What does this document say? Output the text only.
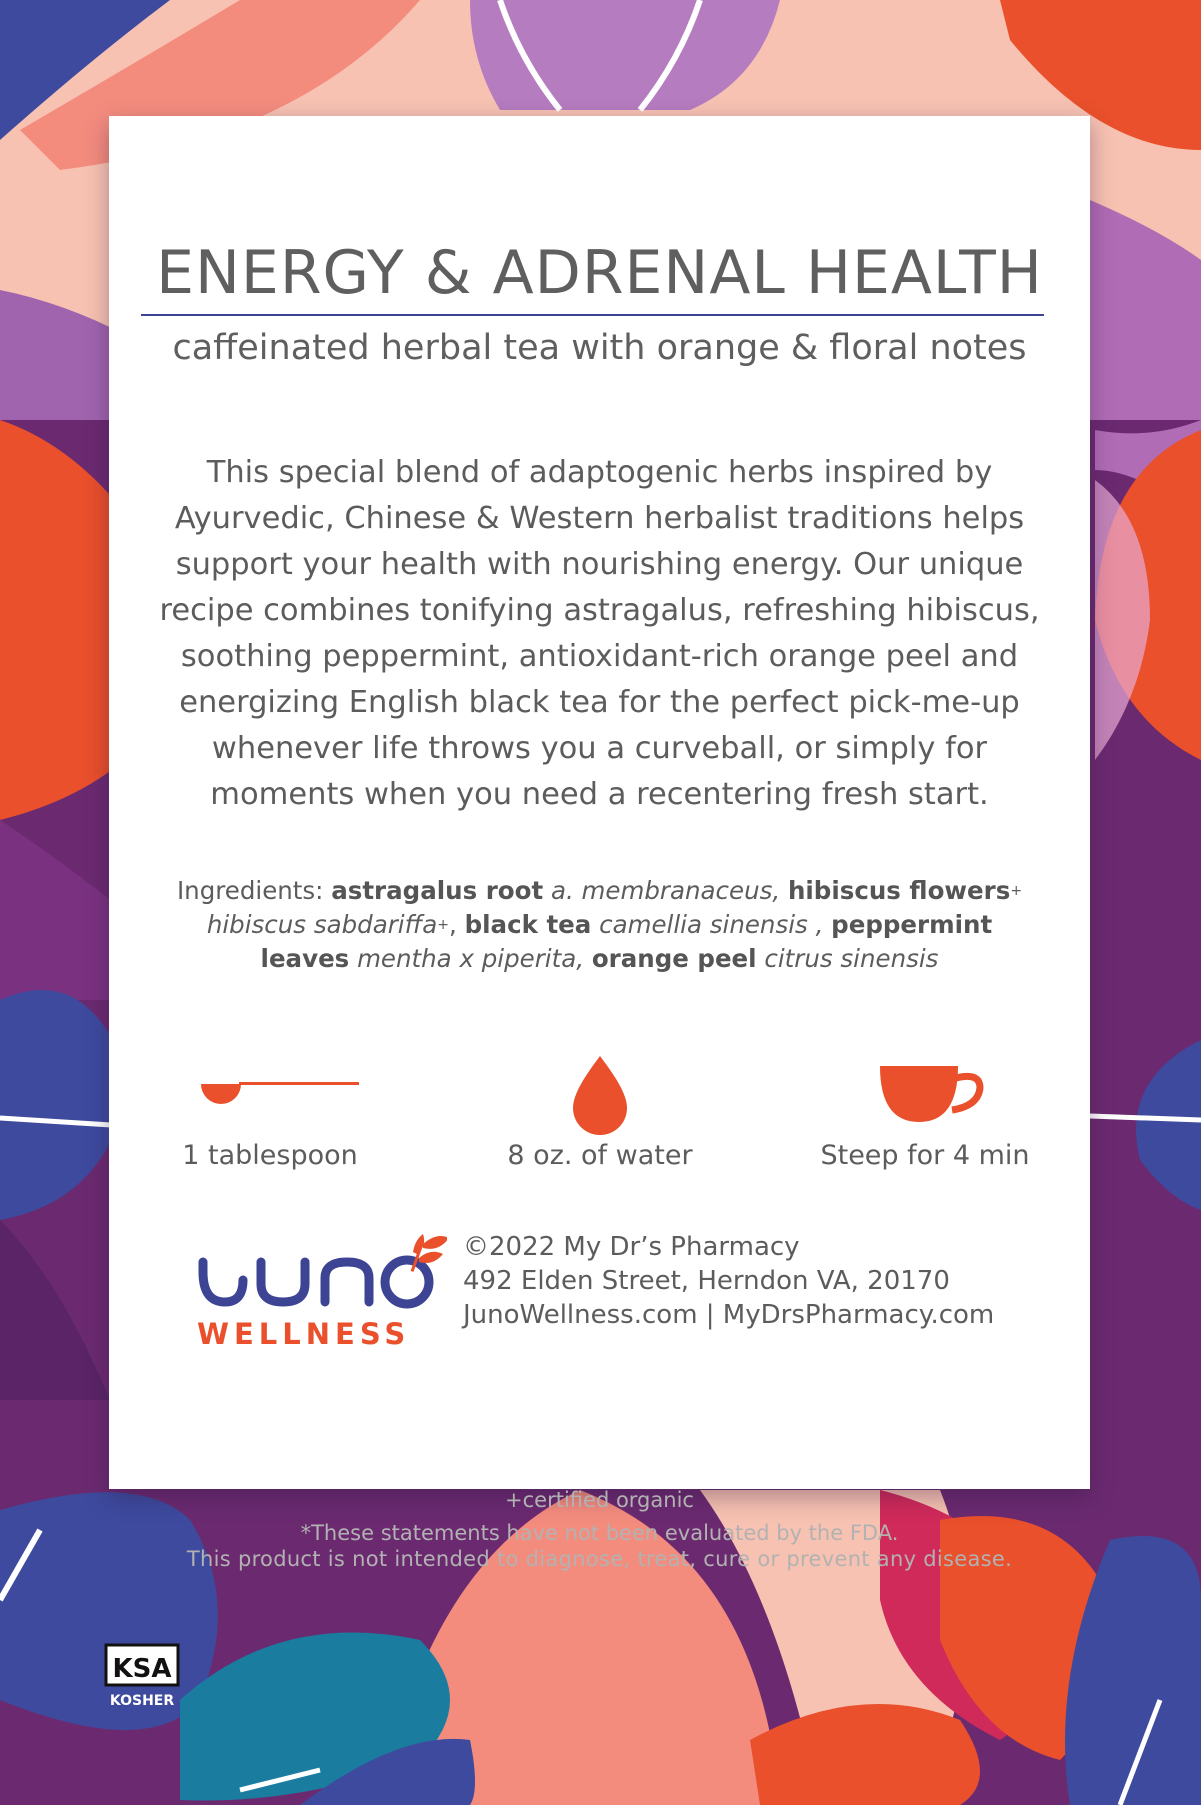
ENERGY & ADRENAL HEALTH
caffeinated herbal tea with orange & floral notes
This special blend of adaptogenic herbs inspired by Ayurvedic, Chinese & Western herbalist traditions helps support your health with nourishing energy. Our unique recipe combines tonifying astragalus, refreshing hibiscus, soothing peppermint, antioxidant-rich orange peel and energizing English black tea for the perfect pick-me-up whenever life throws you a curveball, or simply for moments when you need a recentering fresh start.
Ingredients: astragalus root a. membranaceus, hibiscus flowers+
hibiscus sabdariffa+, black tea camellia sinensis , peppermint leaves mentha x piperita, orange peel citrus sinensis
1 tablespoon	8 oz. of water	Steep for 4 min
WELLNESS
©2022 My Dr’s Pharmacy
492 Elden Street, Herndon VA, 20170
JunoWellness.com | MyDrsPharmacy.com
+certified organic
*These statements have not been evaluated by the FDA.
This product is not intended to diagnose, treat, cure or prevent any disease.
KSA
KOSHER
